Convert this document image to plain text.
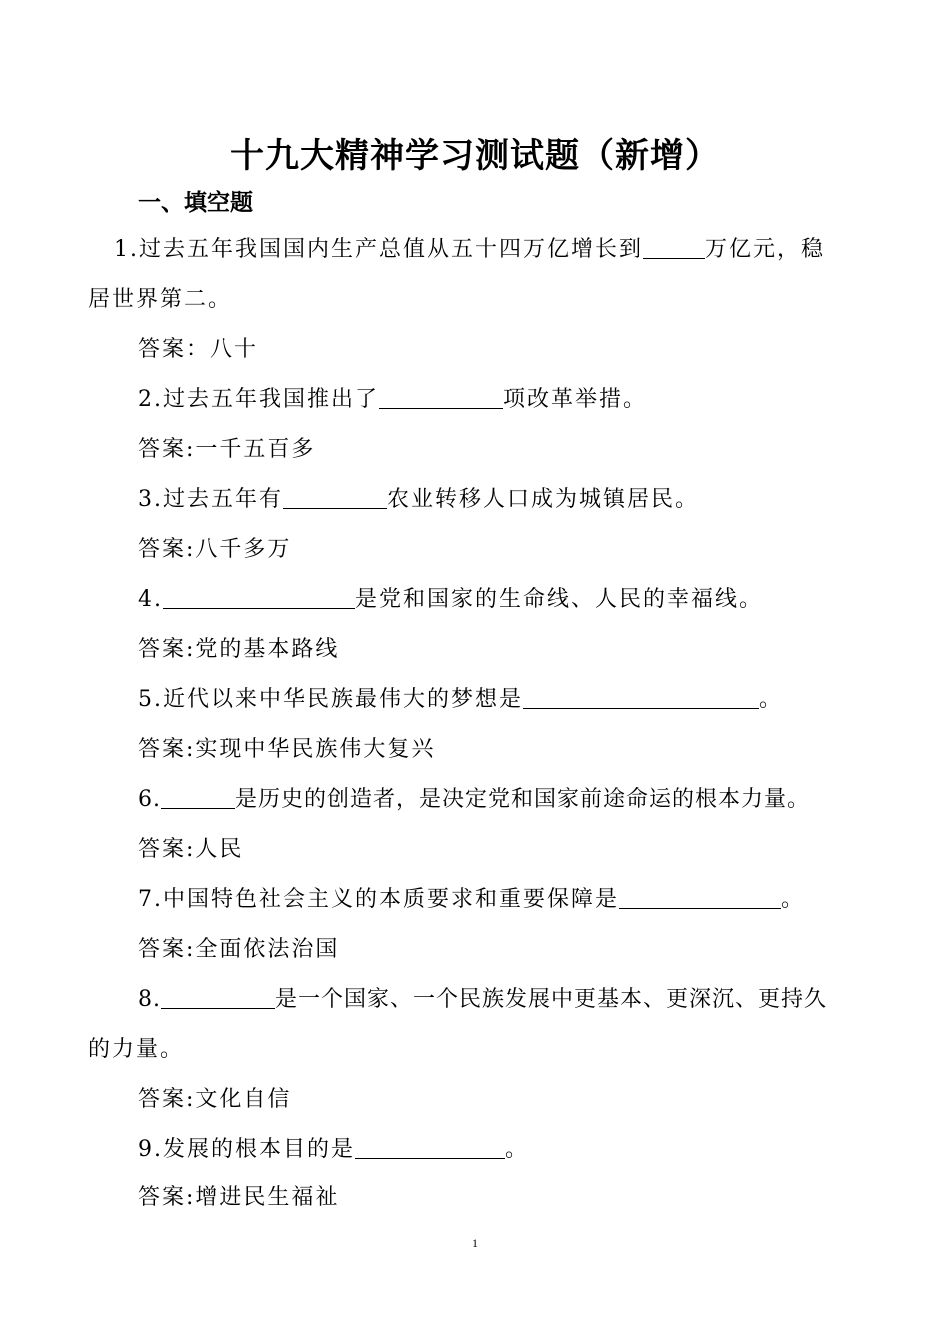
十九大精神学习测试题（新增）
一、填空题
1.过去五年我国国内生产总值从五十四万亿增长到	万亿元，稳
居世界第二。
答案：八十
2.过去五年我国推出了	项改革举措。
答案:一千五百多
3.过去五年有	农业转移人口成为城镇居民。
答案:八千多万
4.	是党和国家的生命线、人民的幸福线。
答案:党的基本路线
5.近代以来中华民族最伟大的梦想是	。
答案:实现中华民族伟大复兴
6.	是历史的创造者，是决定党和国家前途命运的根本力量。
答案:人民
7.中国特色社会主义的本质要求和重要保障是	。
答案:全面依法治国
8.	是一个国家、一个民族发展中更基本、更深沉、更持久
的力量。
答案:文化自信
9.发展的根本目的是	。
答案:增进民生福祉
1
